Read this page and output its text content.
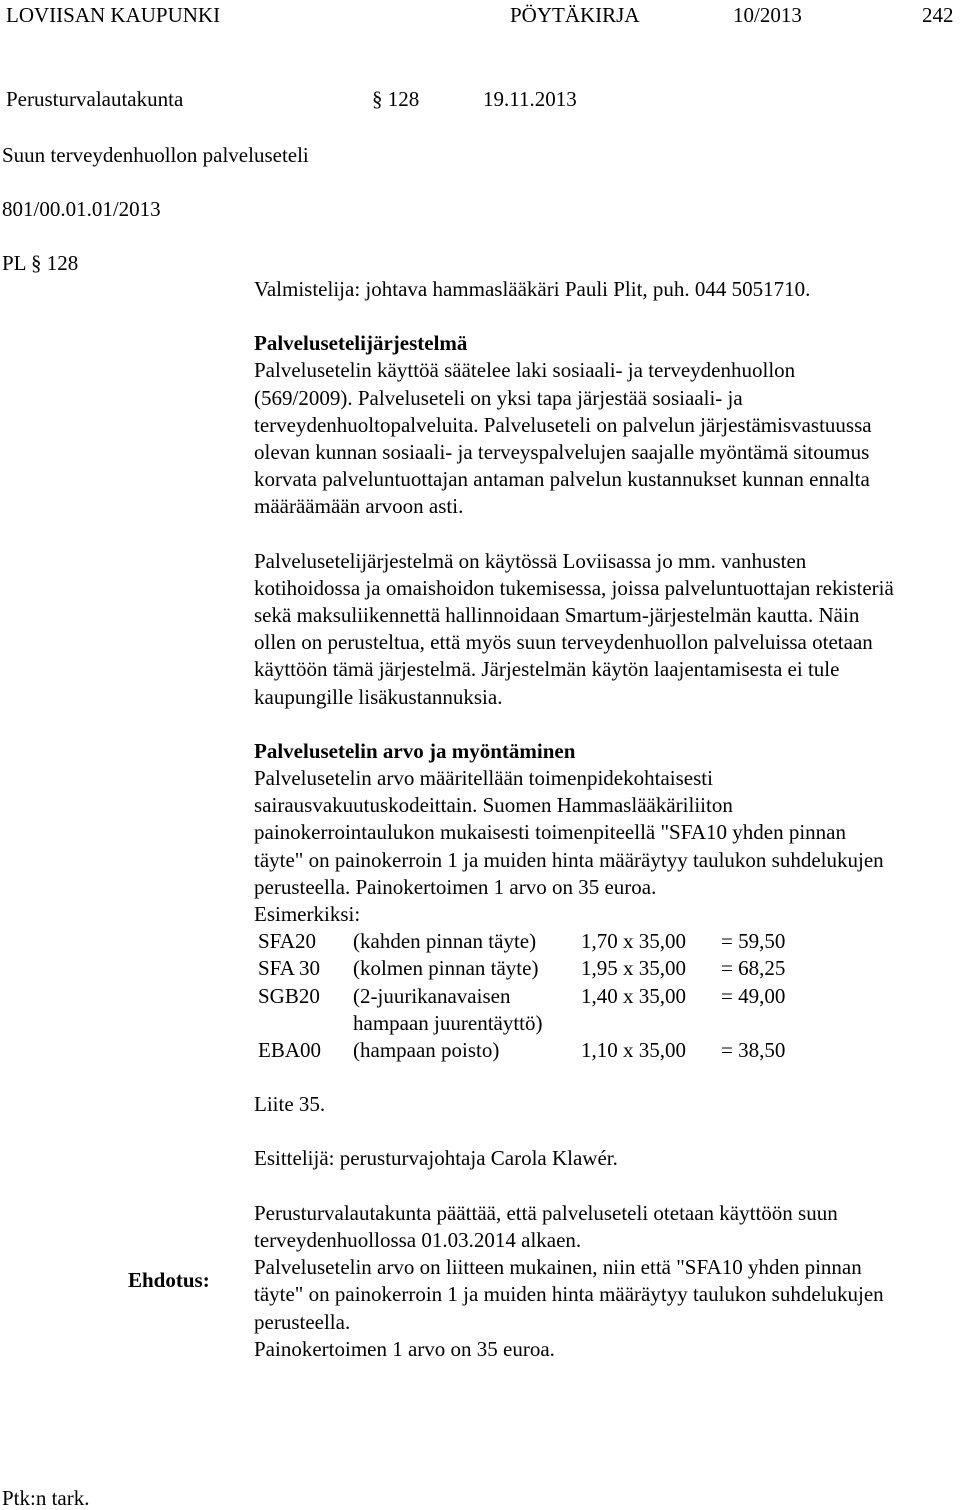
LOVIISAN KAUPUNKI	PÖYTÄKIRJA	10/2013	242
Perusturvalautakunta	§ 128	19.11.2013
Suun terveydenhuollon palveluseteli
801/00.01.01/2013
PL § 128

Valmistelija: johtava hammaslääkäri Pauli Plit, puh. 044 5051710.

Palvelusetelijärjestelmä

Palvelusetelin käyttöä säätelee laki sosiaali- ja terveydenhuollon (569/2009). Palveluseteli on yksi tapa järjestää sosiaali- ja terveydenhuoltopalveluita. Palveluseteli on palvelun järjestämisvastuussa olevan kunnan sosiaali- ja terveyspalvelujen saajalle myöntämä sitoumus korvata palveluntuottajan antaman palvelun kustannukset kunnan ennalta määräämään arvoon asti.

Palvelusetelijärjestelmä on käytössä Loviisassa jo mm. vanhusten kotihoidossa ja omaishoidon tukemisessa, joissa palveluntuottajan rekisteriä sekä maksuliikennettä hallinnoidaan Smartum-järjestelmän kautta. Näin ollen on perusteltua, että myös suun terveydenhuollon palveluissa otetaan käyttöön tämä järjestelmä. Järjestelmän käytön laajentamisesta ei tule kaupungille lisäkustannuksia.

Palvelusetelin arvo ja myöntäminen

Palvelusetelin arvo määritellään toimenpidekohtaisesti sairausvakuutuskodeittain. Suomen Hammaslääkäriliiton painokerrointaulukon mukaisesti toimenpiteellä "SFA10 yhden pinnan täyte" on painokerroin 1 ja muiden hinta määräytyy taulukon suhdelukujen perusteella. Painokertoimen 1 arvo on 35 euroa.

Esimerkiksi:

SFA20	(kahden pinnan täyte)	1,70 x 35,00	= 59,50
SFA 30	(kolmen pinnan täyte)	1,95 x 35,00	= 68,25
SGB20	(2-juurikanavaisen hampaan juurentäyttö)	1,40 x 35,00	= 49,00
EBA00	(hampaan poisto)	1,10 x 35,00	= 38,50

Liite 35.

Esittelijä: perusturvajohtaja Carola Klawér.

Perusturvalautakunta päättää, että palveluseteli otetaan käyttöön suun terveydenhuollossa 01.03.2014 alkaen.

Palvelusetelin arvo on liitteen mukainen, niin että "SFA10 yhden pinnan täyte" on painokerroin 1 ja muiden hinta määräytyy taulukon suhdelukujen perusteella.

Painokertoimen 1 arvo on 35 euroa.

Ehdotus:
Ptk:n tark.
